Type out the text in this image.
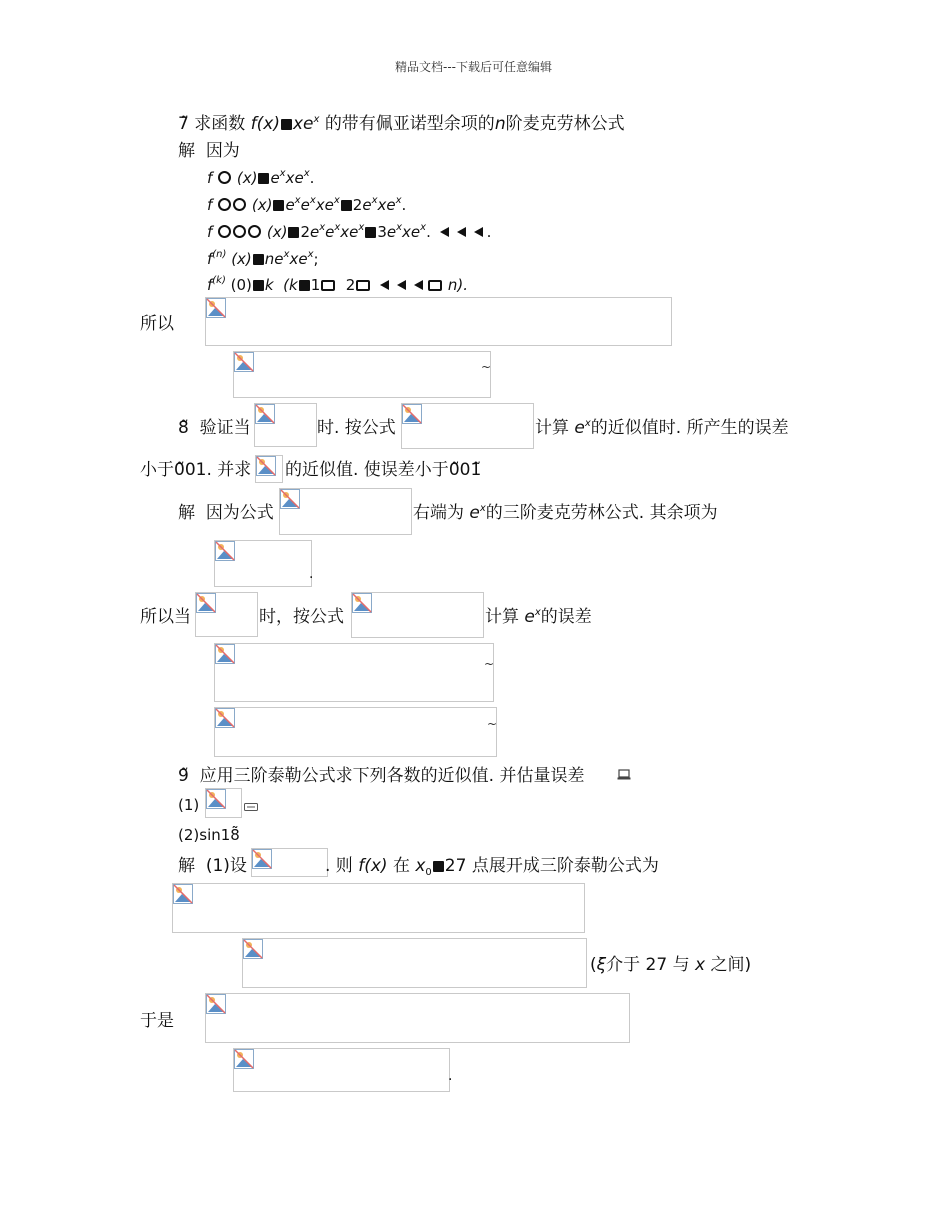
精品文档---下载后可任意编辑
7̃ 求函数 f(x) $xe^x$ 的带有佩亚诺型余项的n阶麦克劳林公式
解 因为
f (x) $e^xxe^x$.
f	(x) $e^xe^xxe^x$ $2e^xxe^x$.
f	(x) $2e^xe^xxe^x$ $3e^xxe^x$.	.
$f^{(n)}$ (x) $ne^xxe^x$;
$f^{(k)}$ (0) k (k 1 2	n).
所以
~
8̃ 验证当	时. 按公式	计算 $e^x$的近似值时. 所产生的误差
小于0̃01. 并求 的近似值. 使误差小于0̃01̃
解 因为公式	右端为 $e^x$的三阶麦克劳林公式. 其余项为
.
所以当	时，按公式	计算 $e^x$的误差
~
~
9̃ 应用三阶泰勒公式求下列各数的近似值. 并估量误差
(1)
(2)sin18̃
解 (1)设	. 则 f(x) 在 $x_0$ 27 点展开成三阶泰勒公式为
(ξ介于 27 与 x 之间)
于是
.
